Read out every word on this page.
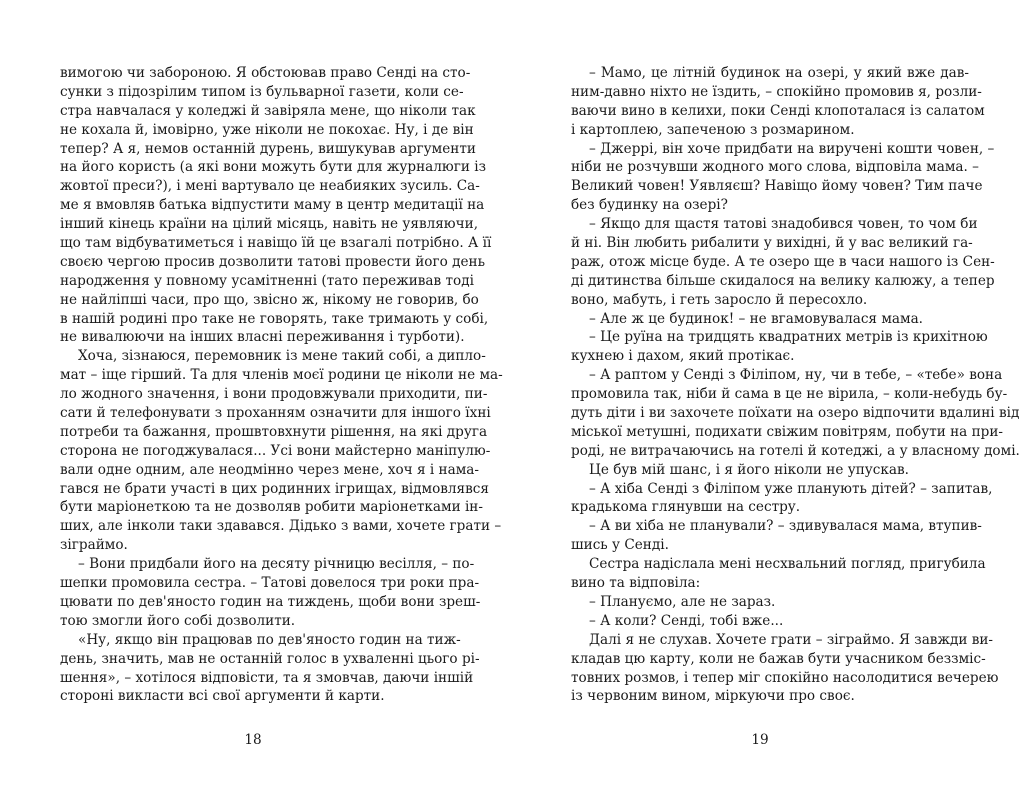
вимогою чи забороною. Я обстоював право Сенді на сто-
сунки з підозрілим типом із бульварної газети, коли се-
стра навчалася у коледжі й завіряла мене, що ніколи так
не кохала й, імовірно, уже ніколи не покохає. Ну, і де він
тепер? А я, немов останній дурень, вишукував аргументи
на його користь (а які вони можуть бути для журналюги із
жовтої преси?), і мені вартувало це неабияких зусиль. Са-
ме я вмовляв батька відпустити маму в центр медитації на
інший кінець країни на цілий місяць, навіть не уявляючи,
що там відбуватиметься і навіщо їй це взагалі потрібно. А її
своєю чергою просив дозволити татові провести його день
народження у повному усамітненні (тато переживав тоді
не найліпші часи, про що, звісно ж, нікому не говорив, бо
в нашій родині про таке не говорять, таке тримають у собі,
не вивалюючи на інших власні переживання і турботи).
Хоча, зізнаюся, перемовник із мене такий собі, а дипло-
мат – іще гірший. Та для членів моєї родини це ніколи не ма-
ло жодного значення, і вони продовжували приходити, пи-
сати й телефонувати з проханням означити для іншого їхні
потреби та бажання, прошвтовхнути рішення, на які друга
сторона не погоджувалася... Усі вони майстерно маніпулю-
вали одне одним, але неодмінно через мене, хоч я і нама-
гався не брати участі в цих родинних ігрищах, відмовлявся
бути маріонеткою та не дозволяв робити маріонетками ін-
ших, але інколи таки здавався. Дідько з вами, хочете грати –
зіграймо.
– Вони придбали його на десяту річницю весілля, – по-
шепки промовила сестра. – Татові довелося три роки пра-
цювати по дев'яносто годин на тиждень, щоби вони зреш-
тою змогли його собі дозволити.
«Ну, якщо він працював по дев'яносто годин на тиж-
день, значить, мав не останній голос в ухваленні цього рі-
шення», – хотілося відповісти, та я змовчав, даючи іншій
стороні викласти всі свої аргументи й карти.
18
– Мамо, це літній будинок на озері, у який вже дав-
ним-давно ніхто не їздить, – спокійно промовив я, розли-
ваючи вино в келихи, поки Сенді клопоталася із салатом
і картоплею, запеченою з розмарином.
– Джеррі, він хоче придбати на виручені кошти човен, –
ніби не розчувши жодного мого слова, відповіла мама. –
Великий човен! Уявляєш? Навіщо йому човен? Тим паче
без будинку на озері?
– Якщо для щастя татові знадобився човен, то чом би
й ні. Він любить рибалити у вихідні, й у вас великий га-
раж, отож місце буде. А те озеро ще в часи нашого із Сен-
ді дитинства більше скидалося на велику калюжу, а тепер
воно, мабуть, і геть заросло й пересохло.
– Але ж це будинок! – не вгамовувалася мама.
– Це руїна на тридцять квадратних метрів із крихітною
кухнею і дахом, який протікає.
– А раптом у Сенді з Філіпом, ну, чи в тебе, – «тебе» вона
промовила так, ніби й сама в це не вірила, – коли-небудь бу-
дуть діти і ви захочете поїхати на озеро відпочити вдалині від
міської метушні, подихати свіжим повітрям, побути на при-
роді, не витрачаючись на готелі й котеджі, а у власному домі.
Це був мій шанс, і я його ніколи не упускав.
– А хіба Сенді з Філіпом уже планують дітей? – запитав,
крадькома глянувши на сестру.
– А ви хіба не планували? – здивувалася мама, втупив-
шись у Сенді.
Сестра надіслала мені несхвальний погляд, пригубила
вино та відповіла:
– Плануємо, але не зараз.
– А коли? Сенді, тобі вже...
Далі я не слухав. Хочете грати – зіграймо. Я завжди ви-
кладав цю карту, коли не бажав бути учасником беззміс-
товних розмов, і тепер міг спокійно насолодитися вечерею
із червоним вином, міркуючи про своє.
19
